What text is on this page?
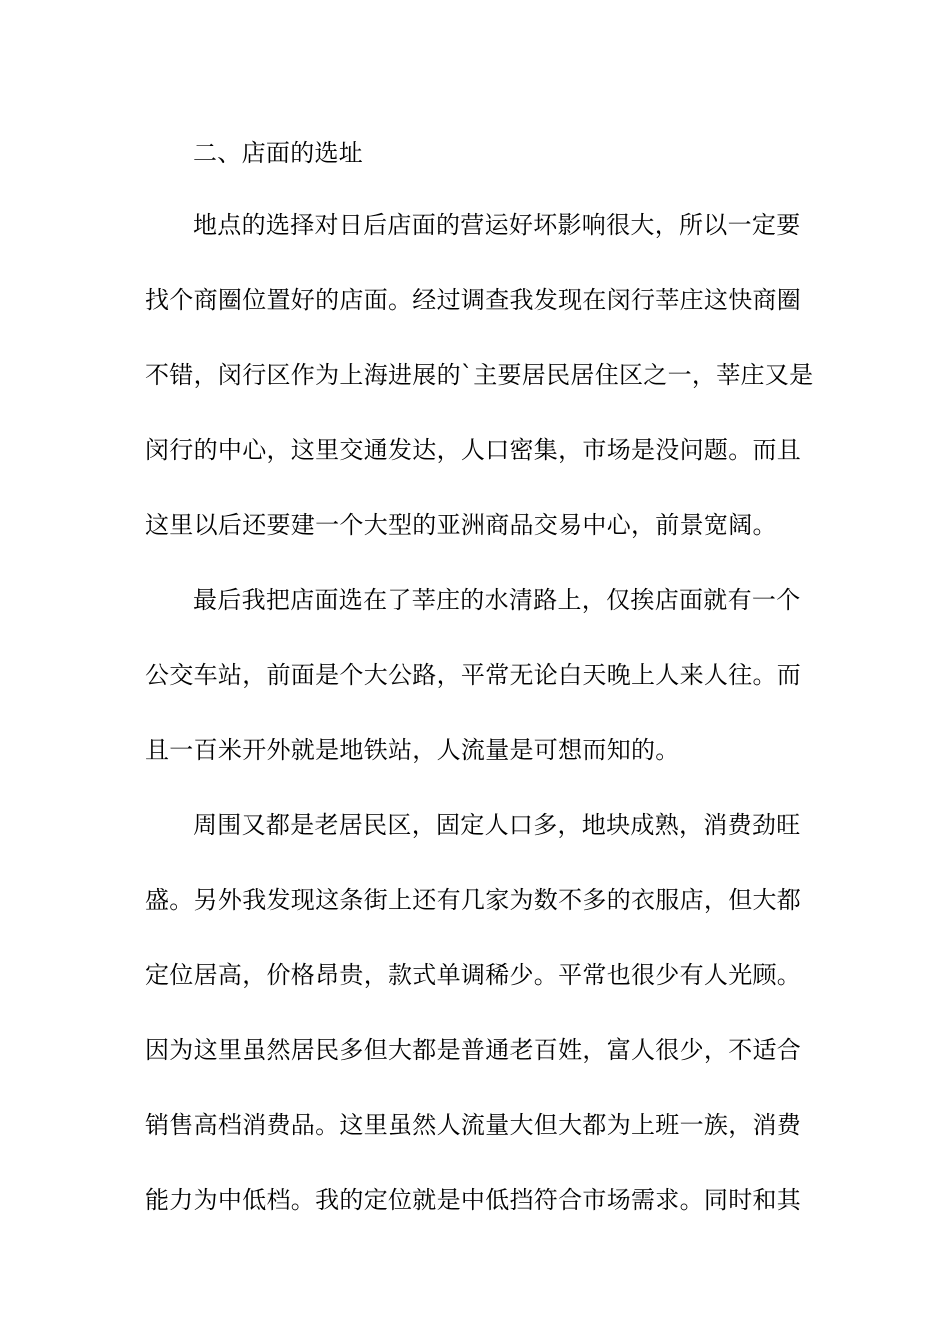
二、店面的选址
地点的选择对日后店面的营运好坏影响很大，所以一定要
找个商圈位置好的店面。经过调查我发现在闵行莘庄这快商圈
不错，闵行区作为上海进展的`主要居民居住区之一，莘庄又是
闵行的中心，这里交通发达，人口密集，市场是没问题。而且
这里以后还要建一个大型的亚洲商品交易中心，前景宽阔。
最后我把店面选在了莘庄的水清路上，仅挨店面就有一个
公交车站，前面是个大公路，平常无论白天晚上人来人往。而
且一百米开外就是地铁站，人流量是可想而知的。
周围又都是老居民区，固定人口多，地块成熟，消费劲旺
盛。另外我发现这条街上还有几家为数不多的衣服店，但大都
定位居高，价格昂贵，款式单调稀少。平常也很少有人光顾。
因为这里虽然居民多但大都是普通老百姓，富人很少，不适合
销售高档消费品。这里虽然人流量大但大都为上班一族，消费
能力为中低档。我的定位就是中低挡符合市场需求。同时和其
